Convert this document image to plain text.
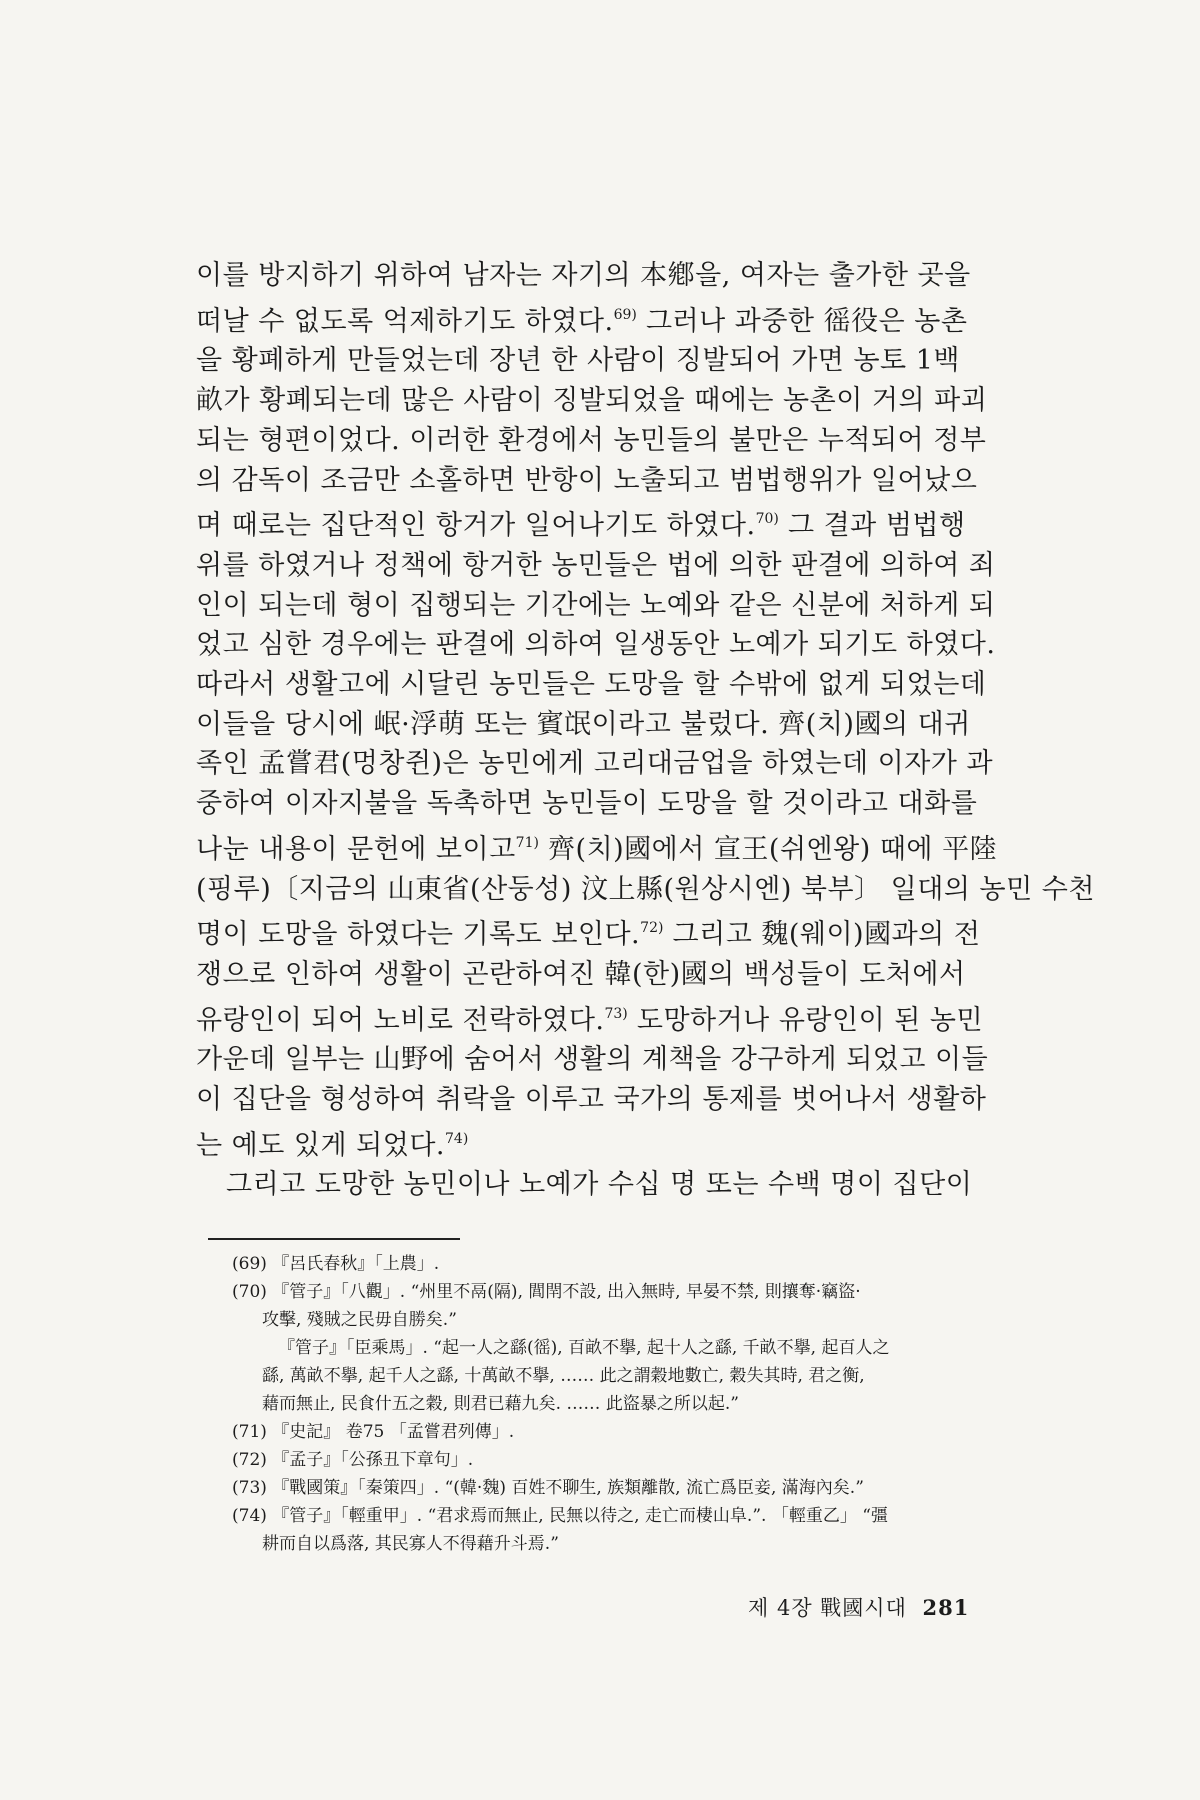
이를 방지하기 위하여 남자는 자기의 本鄕을, 여자는 출가한 곳을
떠날 수 없도록 억제하기도 하였다.$^{69)}$ 그러나 과중한 徭役은 농촌
을 황폐하게 만들었는데 장년 한 사람이 징발되어 가면 농토 1백
畝가 황폐되는데 많은 사람이 징발되었을 때에는 농촌이 거의 파괴
되는 형편이었다. 이러한 환경에서 농민들의 불만은 누적되어 정부
의 감독이 조금만 소홀하면 반항이 노출되고 범법행위가 일어났으
며 때로는 집단적인 항거가 일어나기도 하였다.$^{70)}$ 그 결과 범법행
위를 하였거나 정책에 항거한 농민들은 법에 의한 판결에 의하여 죄
인이 되는데 형이 집행되는 기간에는 노예와 같은 신분에 처하게 되
었고 심한 경우에는 판결에 의하여 일생동안 노예가 되기도 하였다.
따라서 생활고에 시달린 농민들은 도망을 할 수밖에 없게 되었는데
이들을 당시에 岷·浮萌 또는 賓氓이라고 불렀다. 齊(치)國의 대귀
족인 孟嘗君(멍창쥔)은 농민에게 고리대금업을 하였는데 이자가 과
중하여 이자지불을 독촉하면 농민들이 도망을 할 것이라고 대화를
나눈 내용이 문헌에 보이고$^{71)}$ 齊(치)國에서 宣王(쉬엔왕) 때에 平陸
(핑루)〔지금의 山東省(산둥성) 汶上縣(원상시엔) 북부〕 일대의 농민 수천
명이 도망을 하였다는 기록도 보인다.$^{72)}$ 그리고 魏(웨이)國과의 전
쟁으로 인하여 생활이 곤란하여진 韓(한)國의 백성들이 도처에서
유랑인이 되어 노비로 전락하였다.$^{73)}$ 도망하거나 유랑인이 된 농민
가운데 일부는 山野에 숨어서 생활의 계책을 강구하게 되었고 이들
이 집단을 형성하여 취락을 이루고 국가의 통제를 벗어나서 생활하
는 예도 있게 되었다.$^{74)}$
그리고 도망한 농민이나 노예가 수십 명 또는 수백 명이 집단이
(69) 『呂氏春秋』「上農」.
(70) 『管子』「八觀」. “州里不鬲(隔), 閭閈不設, 出入無時, 早晏不禁, 則攘奪·竊盜·
攻擊, 殘賊之民毋自勝矣.”
『管子』「臣乘馬」. “起一人之繇(徭), 百畝不擧, 起十人之繇, 千畝不擧, 起百人之
繇, 萬畝不擧, 起千人之繇, 十萬畝不擧, …… 此之謂穀地數亡, 穀失其時, 君之衡,
藉而無止, 民食什五之穀, 則君已藉九矣. …… 此盜暴之所以起.”
(71) 『史記』 卷75 「孟嘗君列傳」.
(72) 『孟子』「公孫丑下章句」.
(73) 『戰國策』「秦策四」. “(韓·魏) 百姓不聊生, 族類離散, 流亡爲臣妾, 滿海內矣.”
(74) 『管子』「輕重甲」. “君求焉而無止, 民無以待之, 走亡而棲山阜.”. 「輕重乙」 “彊
耕而自以爲落, 其民寡人不得藉升斗焉.”
제 4장 戰國시대 281
